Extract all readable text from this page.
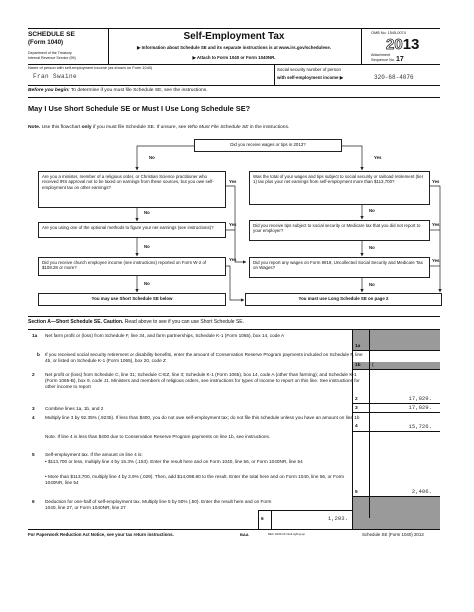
SCHEDULE SE
(Form 1040)
Department of the Treasury
Internal Revenue Service (99)
Self-Employment Tax
▶ Information about Schedule SE and its separate instructions is at www.irs.gov/schedulese.
▶ Attach to Form 1040 or Form 1040NR.
OMB No. 1545-0074
2013
Attachment
Sequence No. 17
Name of person with self-employment income (as shown on Form 1040)
Fran Swaine
Social security number of person
with self-employment income ▶	320-68-4076
Before you begin: To determine if you must file Schedule SE, see the instructions.
May I Use Short Schedule SE or Must I Use Long Schedule SE?
Note. Use this flowchart only if you must file Schedule SE. If unsure, see Who Must File Schedule SE in the instructions.
Did you receive wages or tips in 2013?
No	Yes
Are you a minister, member of a religious order, or Christian Science practitioner who received IRS approval not to be taxed on earnings from these sources, but you owe self-employment tax on other earnings?
Yes
No
Are you using one of the optional methods to figure your net earnings (see instructions)?
Yes
No
Did you receive church employee income (see instructions) reported on Form W-2 of $108.28 or more?
Yes
No
You may use Short Schedule SE below
Was the total of your wages and tips subject to social security or railroad retirement (tier 1) tax plus your net earnings from self-employment more than $113,700?	Yes
No
Did you receive tips subject to social security or Medicare tax that you did not report to your employer?
Yes
No
Did you report any wages on Form 8919, Uncollected Social Security and Medicare Tax on Wages?
Yes
No
You must use Long Schedule SE on page 2
Section A—Short Schedule SE. Caution. Read above to see if you can use Short Schedule SE.
1a Net farm profit or (loss) from Schedule F, line 34, and farm partnerships, Schedule K-1 (Form 1065), box 14, code A
1a
b If you received social security retirement or disability benefits, enter the amount of Conservation Reserve Program payments included on Schedule F, line 4b, or listed on Schedule K-1 (Form 1065), box 20, code Z
1b	(
2 Net profit or (loss) from Schedule C, line 31; Schedule C-EZ, line 3; Schedule K-1 (Form 1065), box 14, code A (other than farming); and Schedule K-1 (Form 1065-B), box 9, code J1. Ministers and members of religious orders, see instructions for types of income to report on this line. See instructions for other income to report
2	17,029.
3 Combine lines 1a, 1b, and 2	3	17,029.
4 Multiply line 3 by 92.35% (.9235). If less than $400, you do not owe self-employment tax; do not file this schedule unless you have an amount on line 1b
4	15,726.
Note. If line 4 is less than $400 due to Conservation Reserve Program payments on line 1b, see instructions.
5 Self-employment tax. If the amount on line 4 is:
• $113,700 or less, multiply line 4 by 15.3% (.153). Enter the result here and on Form 1040, line 56, or Form 1040NR, line 54
• More than $113,700, multiply line 4 by 2.9% (.029). Then, add $14,098.80 to the result. Enter the total here and on Form 1040, line 56, or Form 1040NR, line 54
5	2,406.
6 Deduction for one-half of self-employment tax. Multiply line 5 by 50% (.50). Enter the result here and on Form 1040, line 27, or Form 1040NR, line 27
6	1,203.
For Paperwork Reduction Act Notice, see your tax return instructions.	BAA	REV 10/21/13 Intuit.cg8.sp.sp	Schedule SE (Form 1040) 2013
